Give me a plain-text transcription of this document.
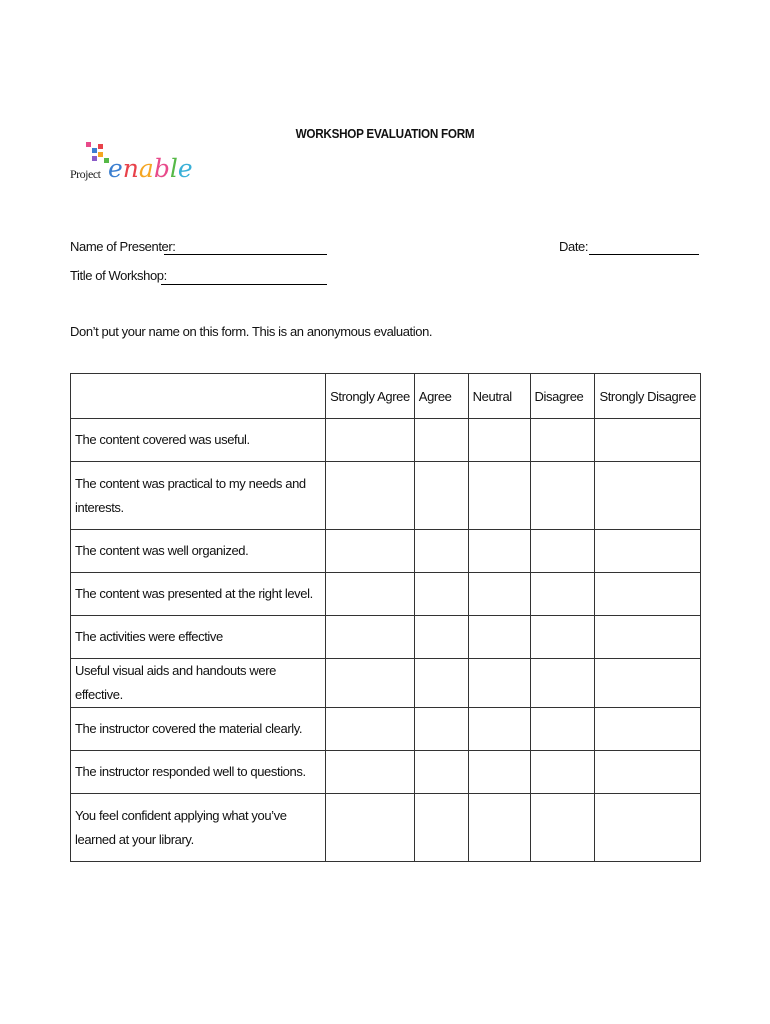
WORKSHOP EVALUATION FORM
Project enable
Name of Presenter:	Date:
Title of Workshop:
Don’t put your name on this form. This is an anonymous evaluation.
	Strongly Agree	Agree	Neutral	Disagree	Strongly Disagree
The content covered was useful.					
The content was practical to my needs and interests.					
The content was well organized.					
The content was presented at the right level.					
The activities were effective					
Useful visual aids and handouts were effective.					
The instructor covered the material clearly.					
The instructor responded well to questions.					
You feel confident applying what you’ve learned at your library.					
